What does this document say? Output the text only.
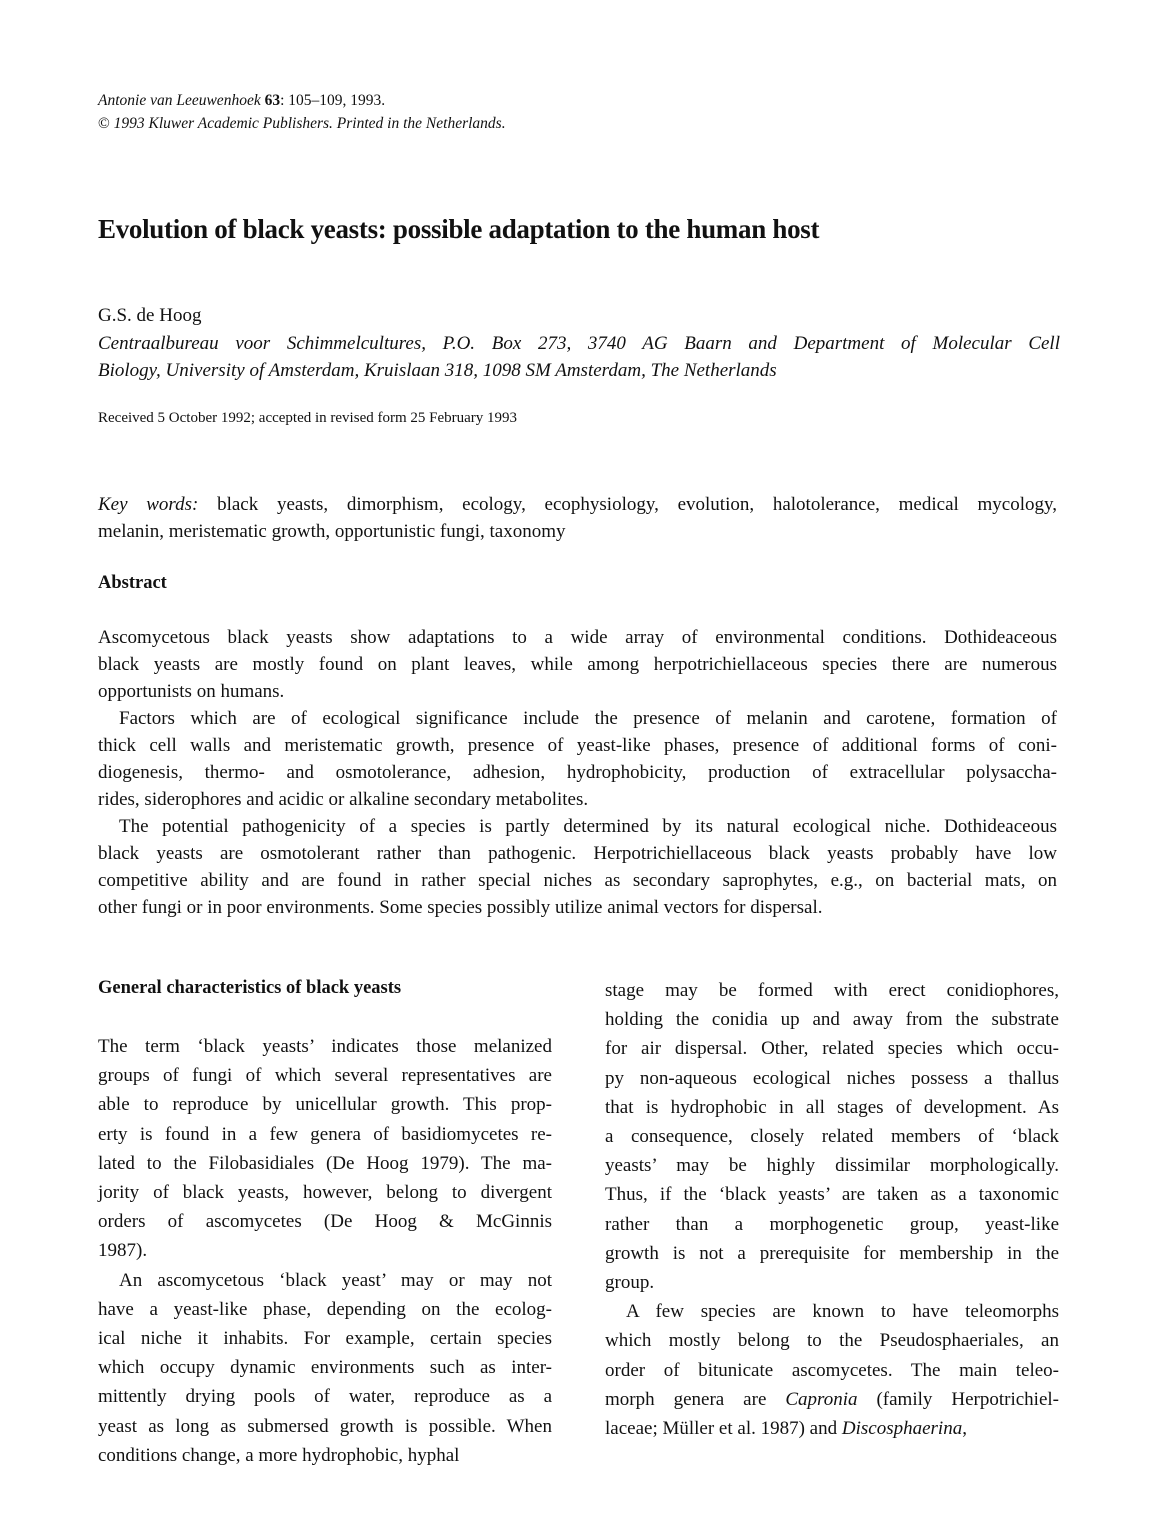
Antonie van Leeuwenhoek 63: 105–109, 1993.
© 1993 Kluwer Academic Publishers. Printed in the Netherlands.
Evolution of black yeasts: possible adaptation to the human host
G.S. de Hoog
Centraalbureau voor Schimmelcultures, P.O. Box 273, 3740 AG Baarn and Department of Molecular Cell
Biology, University of Amsterdam, Kruislaan 318, 1098 SM Amsterdam, The Netherlands
Received 5 October 1992; accepted in revised form 25 February 1993
Key words: black yeasts, dimorphism, ecology, ecophysiology, evolution, halotolerance, medical mycology,
melanin, meristematic growth, opportunistic fungi, taxonomy
Abstract
Ascomycetous black yeasts show adaptations to a wide array of environmental conditions. Dothideaceous
black yeasts are mostly found on plant leaves, while among herpotrichiellaceous species there are numerous
opportunists on humans.
Factors which are of ecological significance include the presence of melanin and carotene, formation of
thick cell walls and meristematic growth, presence of yeast-like phases, presence of additional forms of coni-
diogenesis, thermo- and osmotolerance, adhesion, hydrophobicity, production of extracellular polysaccha-
rides, siderophores and acidic or alkaline secondary metabolites.
The potential pathogenicity of a species is partly determined by its natural ecological niche. Dothideaceous
black yeasts are osmotolerant rather than pathogenic. Herpotrichiellaceous black yeasts probably have low
competitive ability and are found in rather special niches as secondary saprophytes, e.g., on bacterial mats, on
other fungi or in poor environments. Some species possibly utilize animal vectors for dispersal.
General characteristics of black yeasts
The term ‘black yeasts’ indicates those melanized
groups of fungi of which several representatives are
able to reproduce by unicellular growth. This prop-
erty is found in a few genera of basidiomycetes re-
lated to the Filobasidiales (De Hoog 1979). The ma-
jority of black yeasts, however, belong to divergent
orders of ascomycetes (De Hoog & McGinnis
1987).
An ascomycetous ‘black yeast’ may or may not
have a yeast-like phase, depending on the ecolog-
ical niche it inhabits. For example, certain species
which occupy dynamic environments such as inter-
mittently drying pools of water, reproduce as a
yeast as long as submersed growth is possible. When
conditions change, a more hydrophobic, hyphal
stage may be formed with erect conidiophores,
holding the conidia up and away from the substrate
for air dispersal. Other, related species which occu-
py non-aqueous ecological niches possess a thallus
that is hydrophobic in all stages of development. As
a consequence, closely related members of ‘black
yeasts’ may be highly dissimilar morphologically.
Thus, if the ‘black yeasts’ are taken as a taxonomic
rather than a morphogenetic group, yeast-like
growth is not a prerequisite for membership in the
group.
A few species are known to have teleomorphs
which mostly belong to the Pseudosphaeriales, an
order of bitunicate ascomycetes. The main teleo-
morph genera are Capronia (family Herpotrichiel-
laceae; Müller et al. 1987) and Discosphaerina,
